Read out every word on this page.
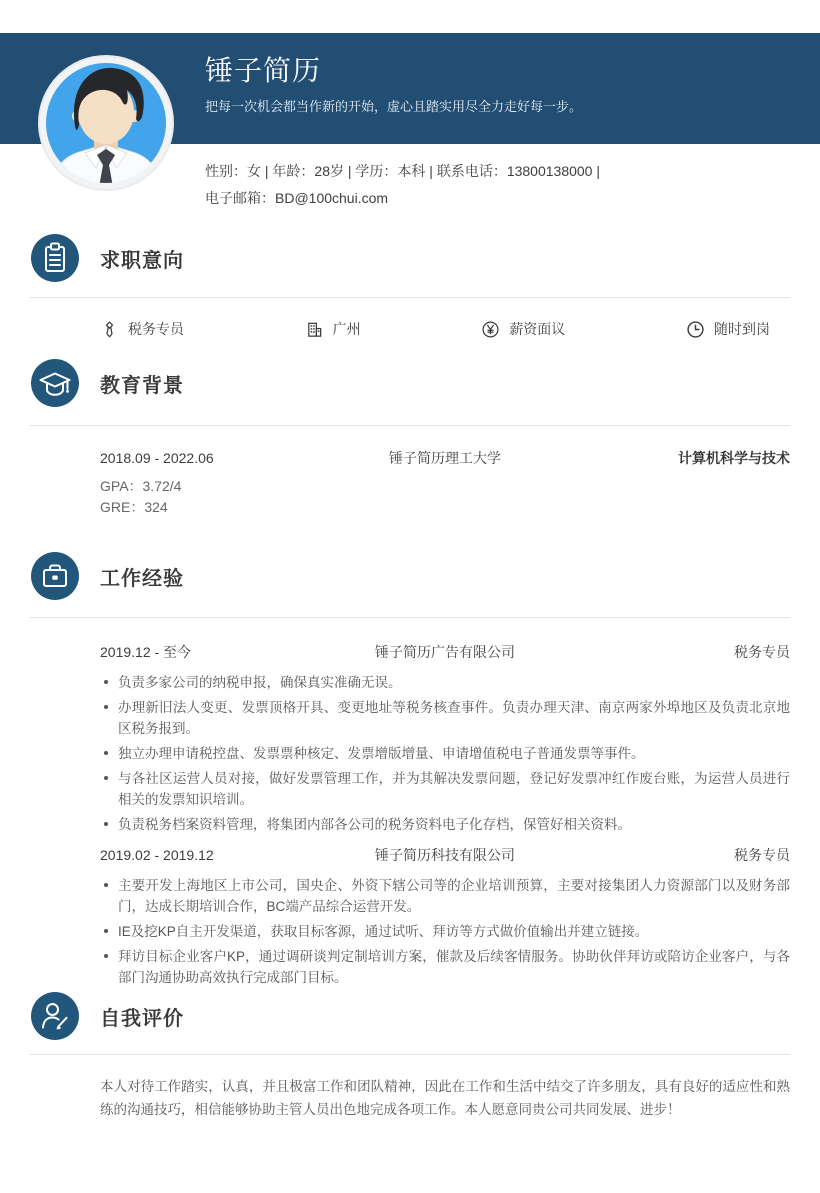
锤子简历
把每一次机会都当作新的开始，虚心且踏实用尽全力走好每一步。
性别：女 | 年龄：28岁 | 学历：本科 | 联系电话：13800138000 |
电子邮箱：BD@100chui.com
求职意向
税务专员	广州	薪资面议	随时到岗
教育背景
2018.09 - 2022.06	锤子简历理工大学	计算机科学与技术
GPA：3.72/4
GRE：324
工作经验
2019.12 - 至今	锤子简历广告有限公司	税务专员
负责多家公司的纳税申报，确保真实准确无误。
办理新旧法人变更、发票顶格开具、变更地址等税务核查事件。负责办理天津、南京两家外埠地区及负责北京地区税务报到。
独立办理申请税控盘、发票票种核定、发票增版增量、申请增值税电子普通发票等事件。
与各社区运营人员对接，做好发票管理工作，并为其解决发票问题，登记好发票冲红作废台账，为运营人员进行相关的发票知识培训。
负责税务档案资料管理，将集团内部各公司的税务资料电子化存档，保管好相关资料。
2019.02 - 2019.12	锤子简历科技有限公司	税务专员
主要开发上海地区上市公司，国央企、外资下辖公司等的企业培训预算，主要对接集团人力资源部门以及财务部门，达成长期培训合作，BC端产品综合运营开发。
IE及挖KP自主开发渠道，获取目标客源，通过试听、拜访等方式做价值输出并建立链接。
拜访目标企业客户KP，通过调研谈判定制培训方案，催款及后续客情服务。协助伙伴拜访或陪访企业客户，与各部门沟通协助高效执行完成部门目标。
自我评价

本人对待工作踏实，认真，并且极富工作和团队精神，因此在工作和生活中结交了许多朋友，具有良好的适应性和熟练的沟通技巧，相信能够协助主管人员出色地完成各项工作。本人愿意同贵公司共同发展、进步！
